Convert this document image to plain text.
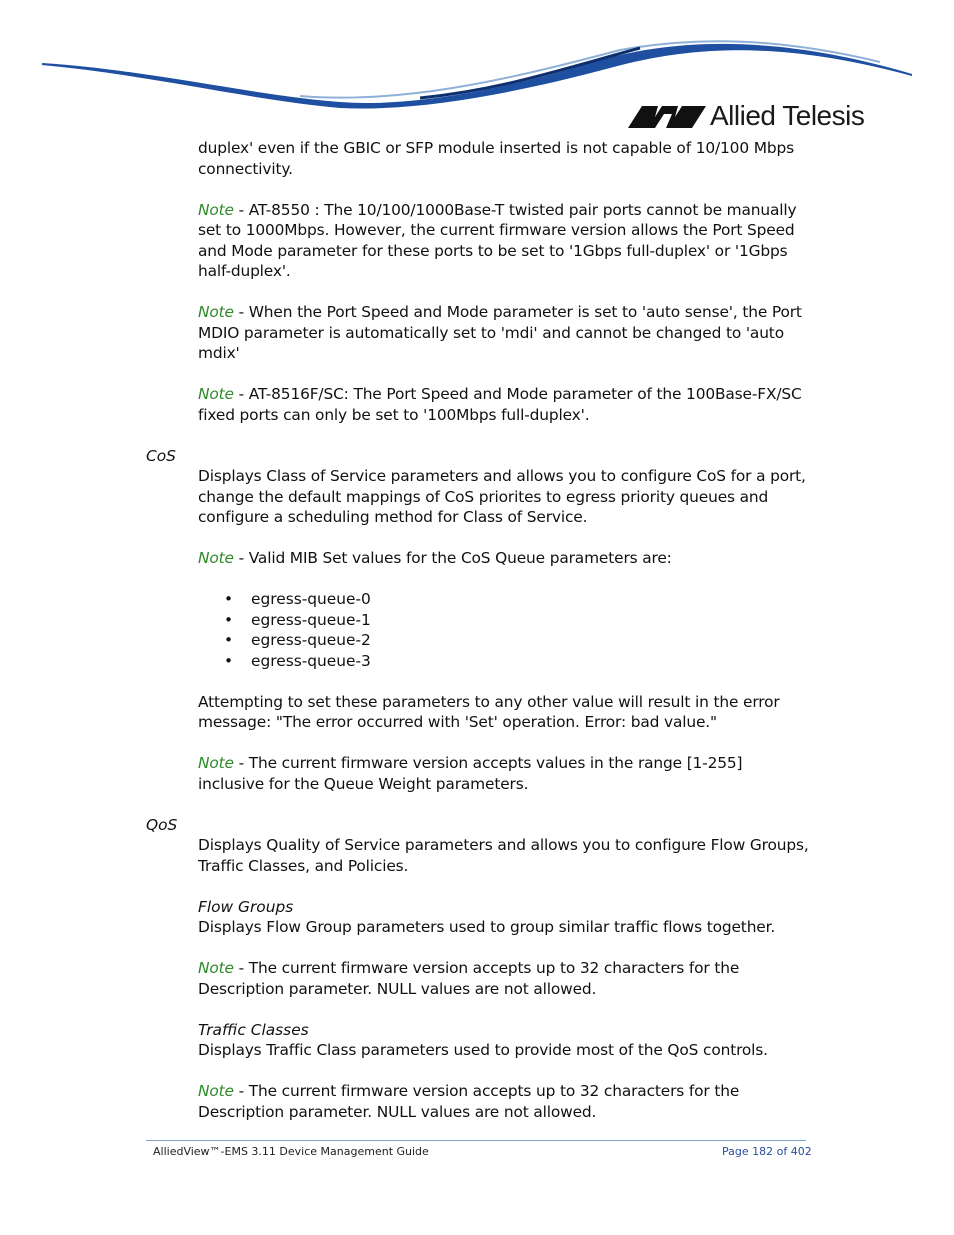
Allied Telesis

duplex' even if the GBIC or SFP module inserted is not capable of 10/100 Mbps connectivity.

Note - AT-8550 : The 10/100/1000Base-T twisted pair ports cannot be manually set to 1000Mbps. However, the current firmware version allows the Port Speed and Mode parameter for these ports to be set to '1Gbps full-duplex' or '1Gbps half-duplex'.

Note - When the Port Speed and Mode parameter is set to 'auto sense', the Port MDIO parameter is automatically set to 'mdi' and cannot be changed to 'auto mdix'

Note - AT-8516F/SC: The Port Speed and Mode parameter of the 100Base-FX/SC fixed ports can only be set to '100Mbps full-duplex'.

CoS

Displays Class of Service parameters and allows you to configure CoS for a port, change the default mappings of CoS priorites to egress priority queues and configure a scheduling method for Class of Service.

Note - Valid MIB Set values for the CoS Queue parameters are:

• egress-queue-0
• egress-queue-1
• egress-queue-2
• egress-queue-3

Attempting to set these parameters to any other value will result in the error message: "The error occurred with 'Set' operation. Error: bad value."

Note - The current firmware version accepts values in the range [1-255] inclusive for the Queue Weight parameters.

QoS

Displays Quality of Service parameters and allows you to configure Flow Groups, Traffic Classes, and Policies.

Flow Groups

Displays Flow Group parameters used to group similar traffic flows together.

Note - The current firmware version accepts up to 32 characters for the Description parameter. NULL values are not allowed.

Traffic Classes

Displays Traffic Class parameters used to provide most of the QoS controls.

Note - The current firmware version accepts up to 32 characters for the Description parameter. NULL values are not allowed.

AlliedView™-EMS 3.11 Device Management Guide	Page 182 of 402
